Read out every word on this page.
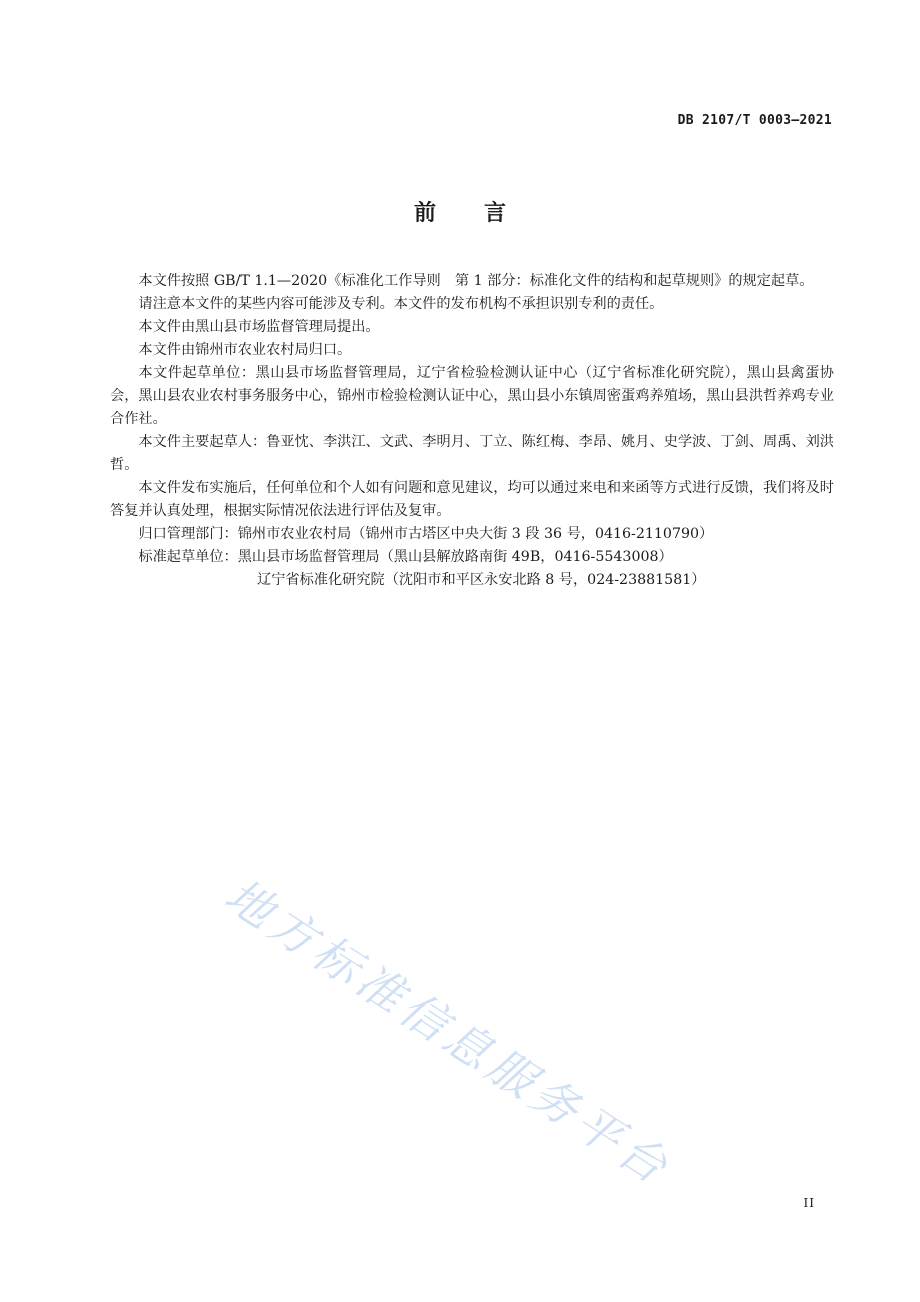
DB 2107/T 0003—2021
前言

本文件按照 GB/T 1.1—2020《标准化工作导则　第 1 部分：标准化文件的结构和起草规则》的规定起草。

请注意本文件的某些内容可能涉及专利。本文件的发布机构不承担识别专利的责任。

本文件由黑山县市场监督管理局提出。

本文件由锦州市农业农村局归口。

本文件起草单位：黑山县市场监督管理局，辽宁省检验检测认证中心（辽宁省标准化研究院），黑山县禽蛋协会，黑山县农业农村事务服务中心，锦州市检验检测认证中心，黑山县小东镇周密蛋鸡养殖场，黑山县洪哲养鸡专业合作社。

本文件主要起草人：鲁亚忱、李洪江、文武、李明月、丁立、陈红梅、李昂、姚月、史学波、丁剑、周禹、刘洪哲。

本文件发布实施后，任何单位和个人如有问题和意见建议，均可以通过来电和来函等方式进行反馈，我们将及时答复并认真处理，根据实际情况依法进行评估及复审。

归口管理部门：锦州市农业农村局（锦州市古塔区中央大街 3 段 36 号，0416-2110790）

标准起草单位：黑山县市场监督管理局（黑山县解放路南街 49B，0416-5543008）

辽宁省标准化研究院（沈阳市和平区永安北路 8 号，024-23881581）

地方标准信息服务平台
II
